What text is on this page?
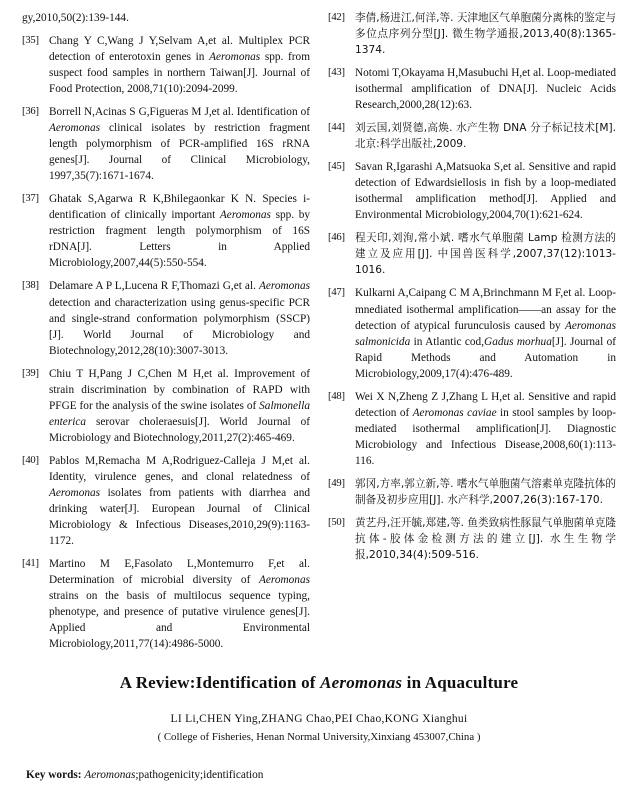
gy,2010,50(2):139-144.
[35] Chang Y C,Wang J Y,Selvam A,et al. Multiplex PCR detection of enterotoxin genes in Aeromonas spp. from suspect food samples in northern Taiwan[J]. Journal of Food Protection, 2008,71(10):2094-2099.
[36] Borrell N,Acinas S G,Figueras M J,et al. Identification of Aeromonas clinical isolates by restriction fragment length polymorphism of PCR-amplified 16S rRNA genes[J]. Journal of Clinical Microbiology, 1997,35(7):1671-1674.
[37] Ghatak S,Agarwa R K,Bhilegaonkar K N. Species i-dentification of clinically important Aeromonas spp. by restriction fragment length polymorphism of 16S rDNA[J]. Letters in Applied Microbiology,2007,44(5):550-554.
[38] Delamare A P L,Lucena R F,Thomazi G,et al. Aeromonas detection and characterization using genus-specific PCR and single-strand conformation polymorphism (SSCP)[J]. World Journal of Microbiology and Biotechnology,2012,28(10):3007-3013.
[39] Chiu T H,Pang J C,Chen M H,et al. Improvement of strain discrimination by combination of RAPD with PFGE for the analysis of the swine isolates of Salmonella enterica serovar choleraesuis[J]. World Journal of Microbiology and Biotechnology,2011,27(2):465-469.
[40] Pablos M,Remacha M A,Rodriguez-Calleja J M,et al. Identity, virulence genes, and clonal relatedness of Aeromonas isolates from patients with diarrhea and drinking water[J]. European Journal of Clinical Microbiology & Infectious Diseases,2010,29(9):1163-1172.
[41] Martino M E,Fasolato L,Montemurro F,et al. Determination of microbial diversity of Aeromonas strains on the basis of multilocus sequence typing, phenotype, and presence of putative virulence genes[J]. Applied and Environmental Microbiology,2011,77(14):4986-5000.
[42] 李倩,杨进江,何洋,等. 天津地区气单胞菌分离株的鉴定与多位点序列分型[J]. 微生物学通报,2013,40(8):1365-1374.
[43] Notomi T,Okayama H,Masubuchi H,et al. Loop-mediated isothermal amplification of DNA[J]. Nucleic Acids Research,2000,28(12):63.
[44] 刘云国,刘贤德,高焕. 水产生物 DNA 分子标记技术[M]. 北京:科学出版社,2009.
[45] Savan R,Igarashi A,Matsuoka S,et al. Sensitive and rapid detection of Edwardsiellosis in fish by a loop-mediated isothermal amplification method[J]. Applied and Environmental Microbiology,2004,70(1):621-624.
[46] 程天印,刘洵,常小斌. 嗜水气单胞菌 Lamp 检测方法的建立及应用[J]. 中国兽医科学,2007,37(12):1013-1016.
[47] Kulkarni A,Caipang C M A,Brinchmann M F,et al. Loop-mnediated isothermal amplification——an assay for the detection of atypical furunculosis caused by Aeromonas salmonicida in Atlantic cod,Gadus morhua[J]. Journal of Rapid Methods and Automation in Microbiology,2009,17(4):476-489.
[48] Wei X N,Zheng Z J,Zhang L H,et al. Sensitive and rapid detection of Aeromonas caviae in stool samples by loop-mediated isothermal amplification[J]. Diagnostic Microbiology and Infectious Disease,2008,60(1):113-116.
[49] 郭冈,方率,郭立新,等. 嗜水气单胞菌气溶素单克隆抗体的制备及初步应用[J]. 水产科学,2007,26(3):167-170.
[50] 黄艺丹,汪开毓,郑建,等. 鱼类致病性豚鼠气单胞菌单克隆抗体-胶体金检测方法的建立[J]. 水生生物学报,2010,34(4):509-516.
A Review:Identification of Aeromonas in Aquaculture
LI Li,CHEN Ying,ZHANG Chao,PEI Chao,KONG Xianghui
( College of Fisheries, Henan Normal University,Xinxiang 453007,China )
Key words: Aeromonas;pathogenicity;identification
